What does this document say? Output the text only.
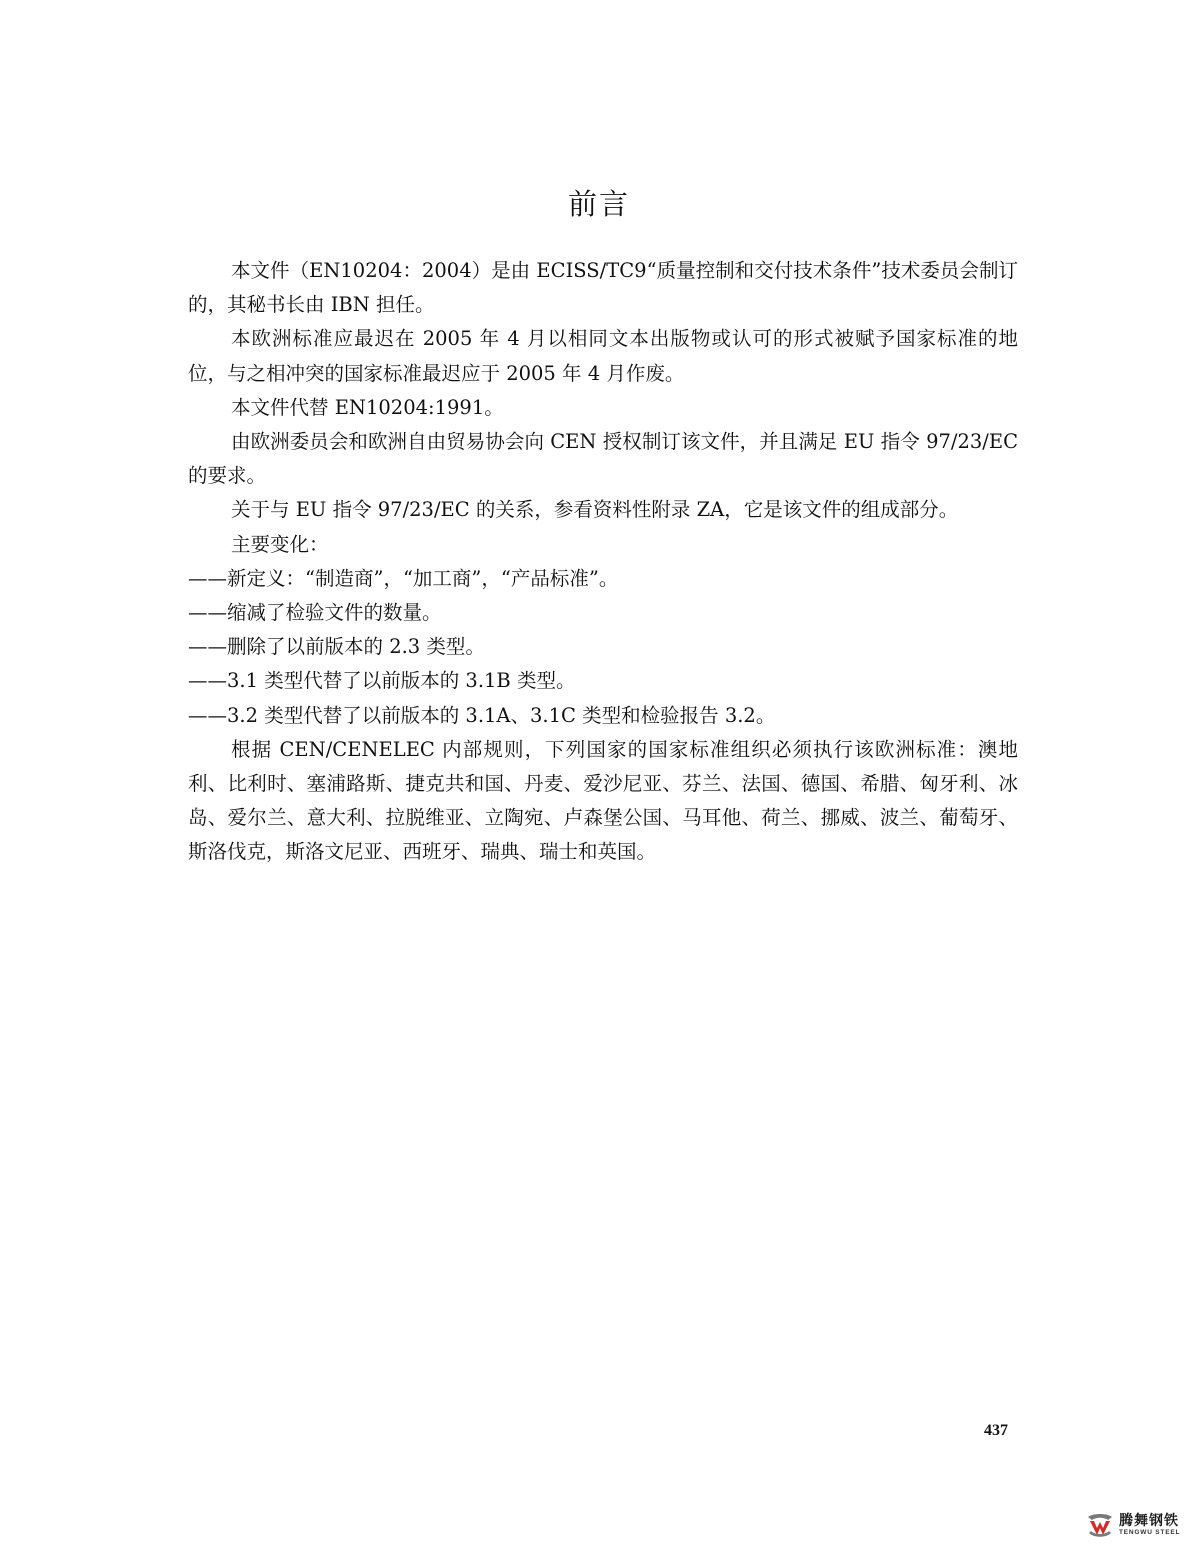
前言

本文件（EN10204：2004）是由 ECISS/TC9“质量控制和交付技术条件”技术委员会制订的，其秘书长由 IBN 担任。

本欧洲标准应最迟在 2005 年 4 月以相同文本出版物或认可的形式被赋予国家标准的地位，与之相冲突的国家标准最迟应于 2005 年 4 月作废。

本文件代替 EN10204:1991。

由欧洲委员会和欧洲自由贸易协会向 CEN 授权制订该文件，并且满足 EU 指令 97/23/EC 的要求。

关于与 EU 指令 97/23/EC 的关系，参看资料性附录 ZA，它是该文件的组成部分。

主要变化：

——新定义：“制造商”，“加工商”，“产品标准”。

——缩减了检验文件的数量。

——删除了以前版本的 2.3 类型。

——3.1 类型代替了以前版本的 3.1B 类型。

——3.2 类型代替了以前版本的 3.1A、3.1C 类型和检验报告 3.2。

根据 CEN/CENELEC 内部规则，下列国家的国家标准组织必须执行该欧洲标准：澳地利、比利时、塞浦路斯、捷克共和国、丹麦、爱沙尼亚、芬兰、法国、德国、希腊、匈牙利、冰岛、爱尔兰、意大利、拉脱维亚、立陶宛、卢森堡公国、马耳他、荷兰、挪威、波兰、葡萄牙、斯洛伐克，斯洛文尼亚、西班牙、瑞典、瑞士和英国。

437
腾舞钢铁
TENGWU STEEL
